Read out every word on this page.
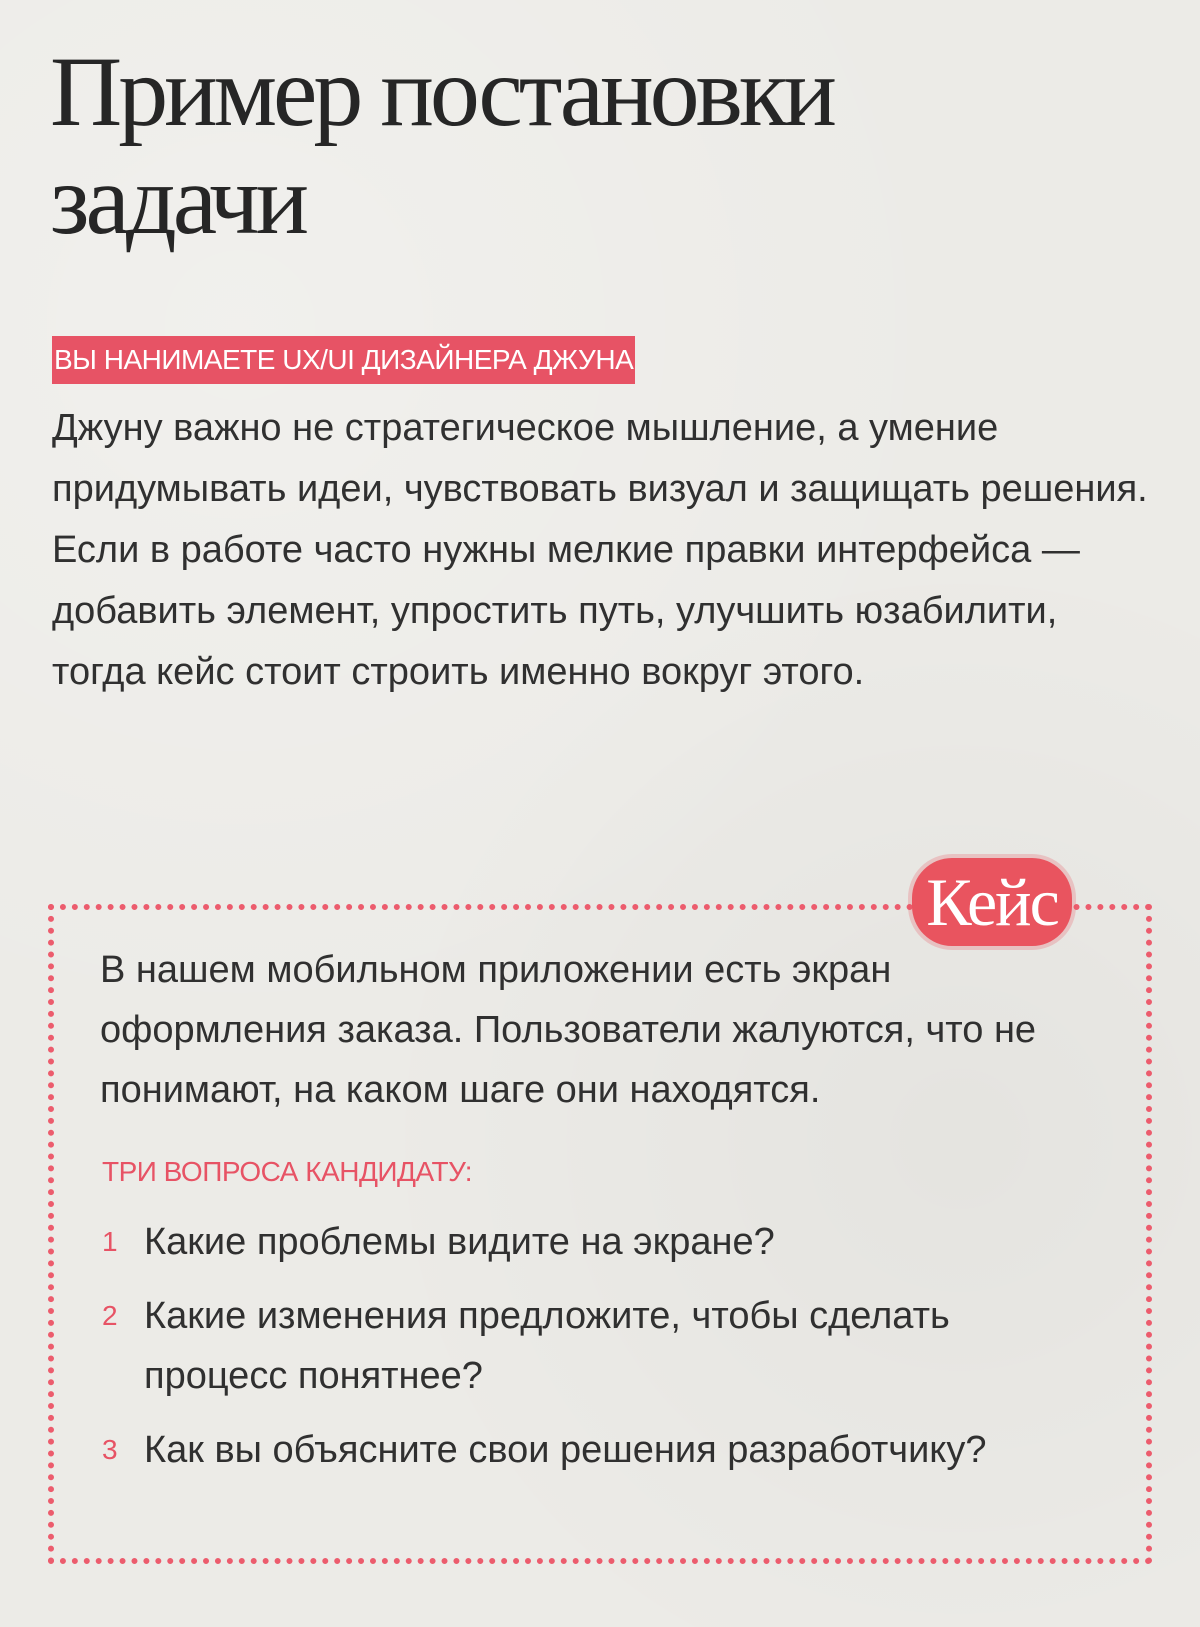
Пример постановки
задачи
ВЫ НАНИМАЕТЕ UX/UI ДИЗАЙНЕРА ДЖУНА

Джуну важно не стратегическое мышление, а умение придумывать идеи, чувствовать визуал и защищать решения. Если в работе часто нужны мелкие правки интерфейса — добавить элемент, упростить путь, улучшить юзабилити, тогда кейс стоит строить именно вокруг этого.

Кейс

В нашем мобильном приложении есть экран оформления заказа. Пользователи жалуются, что не понимают, на каком шаге они находятся.

ТРИ ВОПРОСА КАНДИДАТУ:

1 Какие проблемы видите на экране?
2 Какие изменения предложите, чтобы сделать процесс понятнее?
3 Как вы объясните свои решения разработчику?
